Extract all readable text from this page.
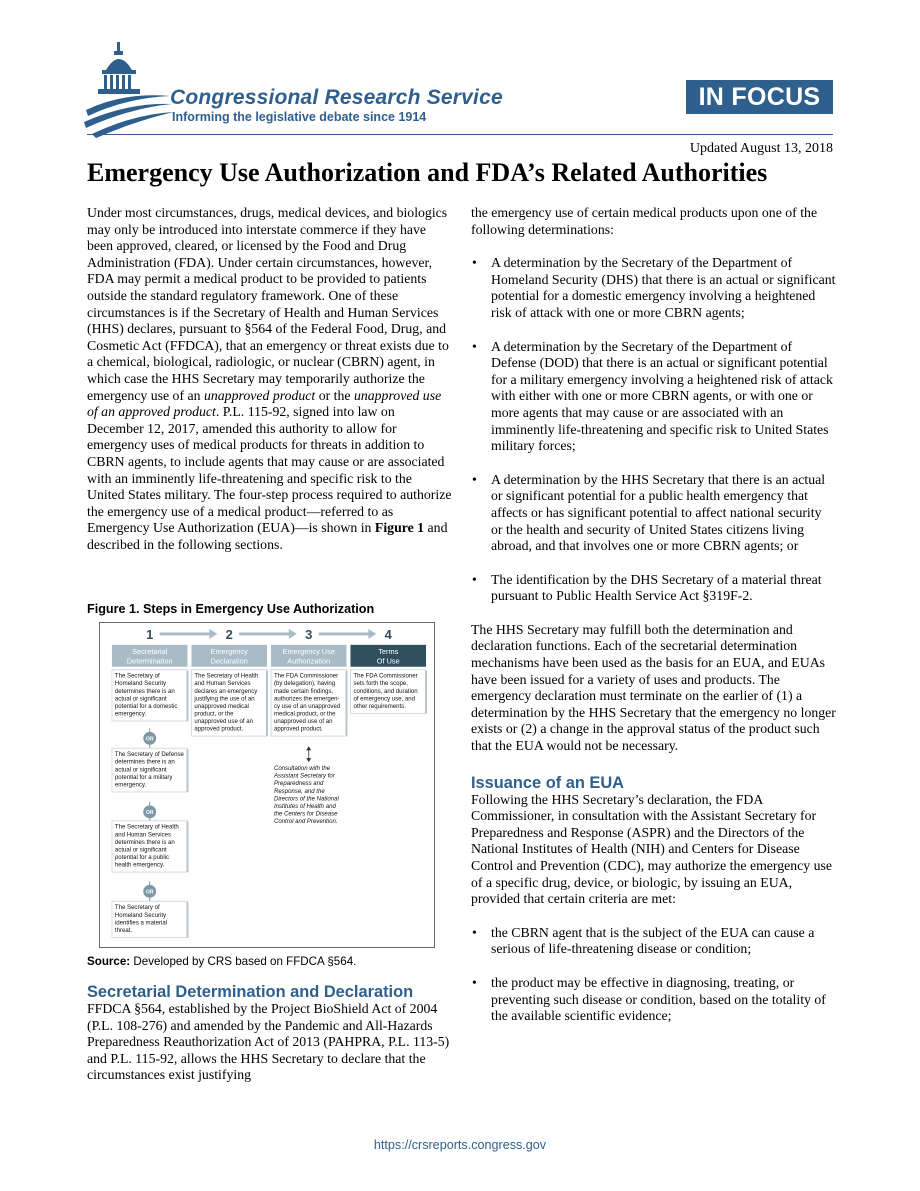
Congressional Research Service
Informing the legislative debate since 1914
IN FOCUS
Updated August 13, 2018
Emergency Use Authorization and FDA’s Related Authorities

Under most circumstances, drugs, medical devices, and biologics may only be introduced into interstate commerce if they have been approved, cleared, or licensed by the Food and Drug Administration (FDA). Under certain circumstances, however, FDA may permit a medical product to be provided to patients outside the standard regulatory framework. One of these circumstances is if the Secretary of Health and Human Services (HHS) declares, pursuant to §564 of the Federal Food, Drug, and Cosmetic Act (FFDCA), that an emergency or threat exists due to a chemical, biological, radiologic, or nuclear (CBRN) agent, in which case the HHS Secretary may temporarily authorize the emergency use of an unapproved product or the unapproved use of an approved product. P.L. 115-92, signed into law on December 12, 2017, amended this authority to allow for emergency uses of medical products for threats in addition to CBRN agents, to include agents that may cause or are associated with an imminently life-threatening and specific risk to the United States military. The four-step process required to authorize the emergency use of a medical product—referred to as Emergency Use Authorization (EUA)—is shown in Figure 1 and described in the following sections.

Figure 1. Steps in Emergency Use Authorization
1
Secretarial
Determination
2
Emergency
Declaration
3
Emergency Use
Authorization
4
Terms
Of Use
The Secretary of
Homeland Security
determines there is an
actual or significant
potential for a domestic
emergency.
OR
The Secretary of Defense
determines there is an
actual or significant
potential for a military
emergency.
OR
The Secretary of Health
and Human Services
determines there is an
actual or significant
potential for a public
health emergency.
OR
The Secretary of
Homeland Security
identifies a material
threat.
The Secretary of Health
and Human Services
declares an emergency
justifying the use of an
unapproved medical
product, or the
unapproved use of an
approved product.
The FDA Commissioner
(by delegation), having
made certain findings,
authorizes the emergen-
cy use of an unapproved
medical product, or the
unapproved use of an
approved product.
The FDA Commissioner
sets forth the scope,
conditions, and duration
of emergency use, and
other requirements.
Consultation with the
Assistant Secretary for
Preparedness and
Response, and the
Directors of the National
Institutes of Health and
the Centers for Disease
Control and Prevention.
Source: Developed by CRS based on FFDCA §564.
Secretarial Determination and Declaration

FFDCA §564, established by the Project BioShield Act of 2004 (P.L. 108-276) and amended by the Pandemic and All-Hazards Preparedness Reauthorization Act of 2013 (PAHPRA, P.L. 113-5) and P.L. 115-92, allows the HHS Secretary to declare that the circumstances exist justifying

the emergency use of certain medical products upon one of the following determinations:

• A determination by the Secretary of the Department of Homeland Security (DHS) that there is an actual or significant potential for a domestic emergency involving a heightened risk of attack with one or more CBRN agents;
• A determination by the Secretary of the Department of Defense (DOD) that there is an actual or significant potential for a military emergency involving a heightened risk of attack with either with one or more CBRN agents, or with one or more agents that may cause or are associated with an imminently life-threatening and specific risk to United States military forces;
• A determination by the HHS Secretary that there is an actual or significant potential for a public health emergency that affects or has significant potential to affect national security or the health and security of United States citizens living abroad, and that involves one or more CBRN agents; or
• The identification by the DHS Secretary of a material threat pursuant to Public Health Service Act §319F-2.

The HHS Secretary may fulfill both the determination and declaration functions. Each of the secretarial determination mechanisms have been used as the basis for an EUA, and EUAs have been issued for a variety of uses and products. The emergency declaration must terminate on the earlier of (1) a determination by the HHS Secretary that the emergency no longer exists or (2) a change in the approval status of the product such that the EUA would not be necessary.

Issuance of an EUA

Following the HHS Secretary’s declaration, the FDA Commissioner, in consultation with the Assistant Secretary for Preparedness and Response (ASPR) and the Directors of the National Institutes of Health (NIH) and Centers for Disease Control and Prevention (CDC), may authorize the emergency use of a specific drug, device, or biologic, by issuing an EUA, provided that certain criteria are met:

• the CBRN agent that is the subject of the EUA can cause a serious of life-threatening disease or condition;
• the product may be effective in diagnosing, treating, or preventing such disease or condition, based on the totality of the available scientific evidence;
https://crsreports.congress.gov
